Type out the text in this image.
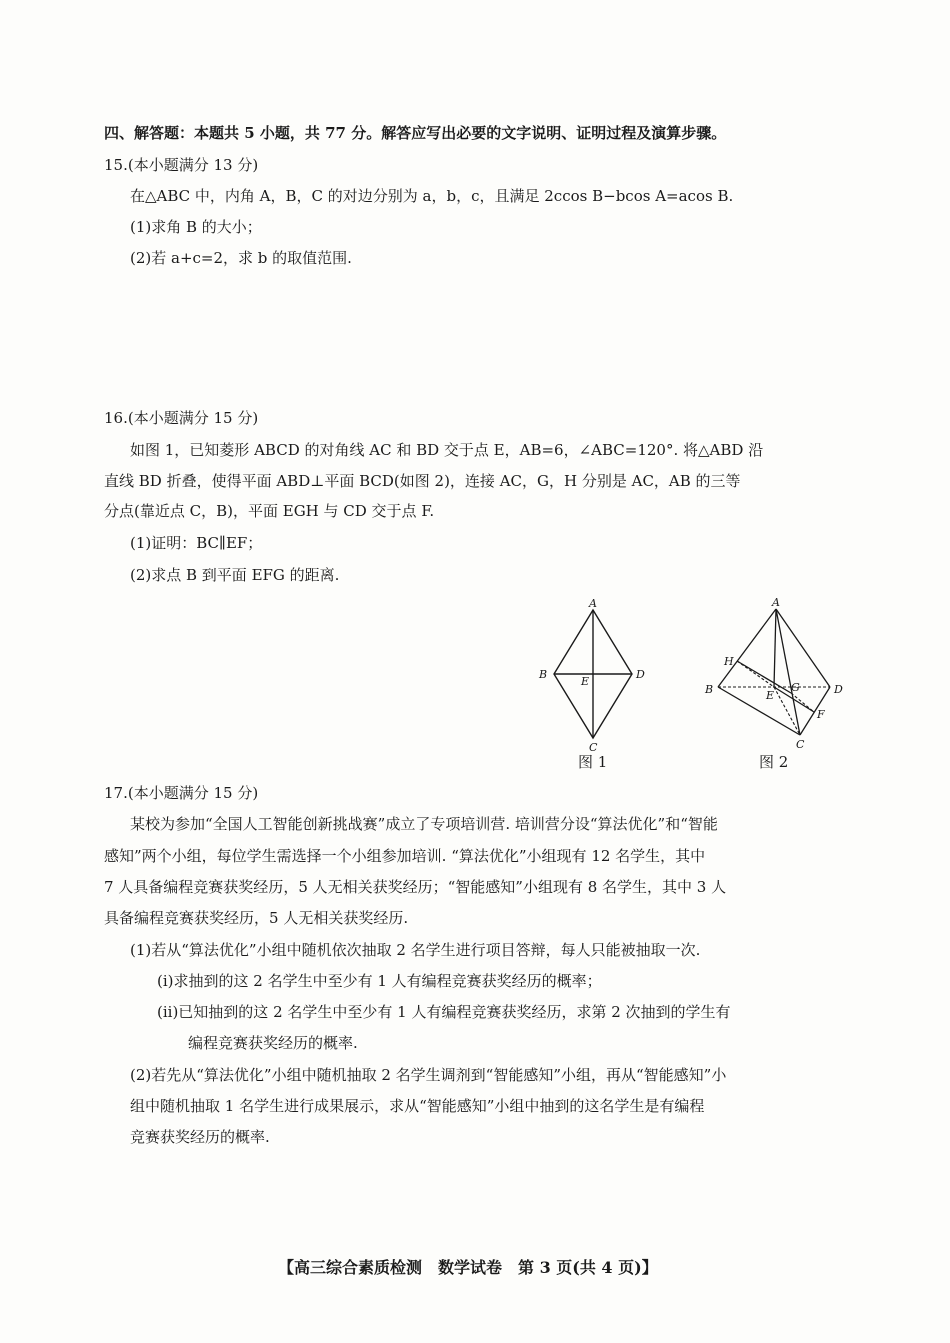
四、解答题：本题共 5 小题，共 77 分。解答应写出必要的文字说明、证明过程及演算步骤。
15.(本小题满分 13 分)
在△ABC 中，内角 A，B，C 的对边分别为 a，b，c，且满足 2ccos B−bcos A=acos B.
(1)求角 B 的大小；
(2)若 a+c=2，求 b 的取值范围.
16.(本小题满分 15 分)
如图 1，已知菱形 ABCD 的对角线 AC 和 BD 交于点 E，AB=6，∠ABC=120°. 将△ABD 沿
直线 BD 折叠，使得平面 ABD⊥平面 BCD(如图 2)，连接 AC，G，H 分别是 AC，AB 的三等
分点(靠近点 C，B)，平面 EGH 与 CD 交于点 F.
(1)证明：BC∥EF；
(2)求点 B 到平面 EFG 的距离.
A
B	D
E
C
图 1
A
H
B	G
E	D
F
C
图 2
17.(本小题满分 15 分)
某校为参加“全国人工智能创新挑战赛”成立了专项培训营. 培训营分设“算法优化”和“智能
感知”两个小组，每位学生需选择一个小组参加培训. “算法优化”小组现有 12 名学生，其中
7 人具备编程竞赛获奖经历，5 人无相关获奖经历；“智能感知”小组现有 8 名学生，其中 3 人
具备编程竞赛获奖经历，5 人无相关获奖经历.
(1)若从“算法优化”小组中随机依次抽取 2 名学生进行项目答辩，每人只能被抽取一次.
(i)求抽到的这 2 名学生中至少有 1 人有编程竞赛获奖经历的概率；
(ii)已知抽到的这 2 名学生中至少有 1 人有编程竞赛获奖经历，求第 2 次抽到的学生有
编程竞赛获奖经历的概率.
(2)若先从“算法优化”小组中随机抽取 2 名学生调剂到“智能感知”小组，再从“智能感知”小
组中随机抽取 1 名学生进行成果展示，求从“智能感知”小组中抽到的这名学生是有编程
竞赛获奖经历的概率.
【高三综合素质检测　数学试卷　第 3 页(共 4 页)】
